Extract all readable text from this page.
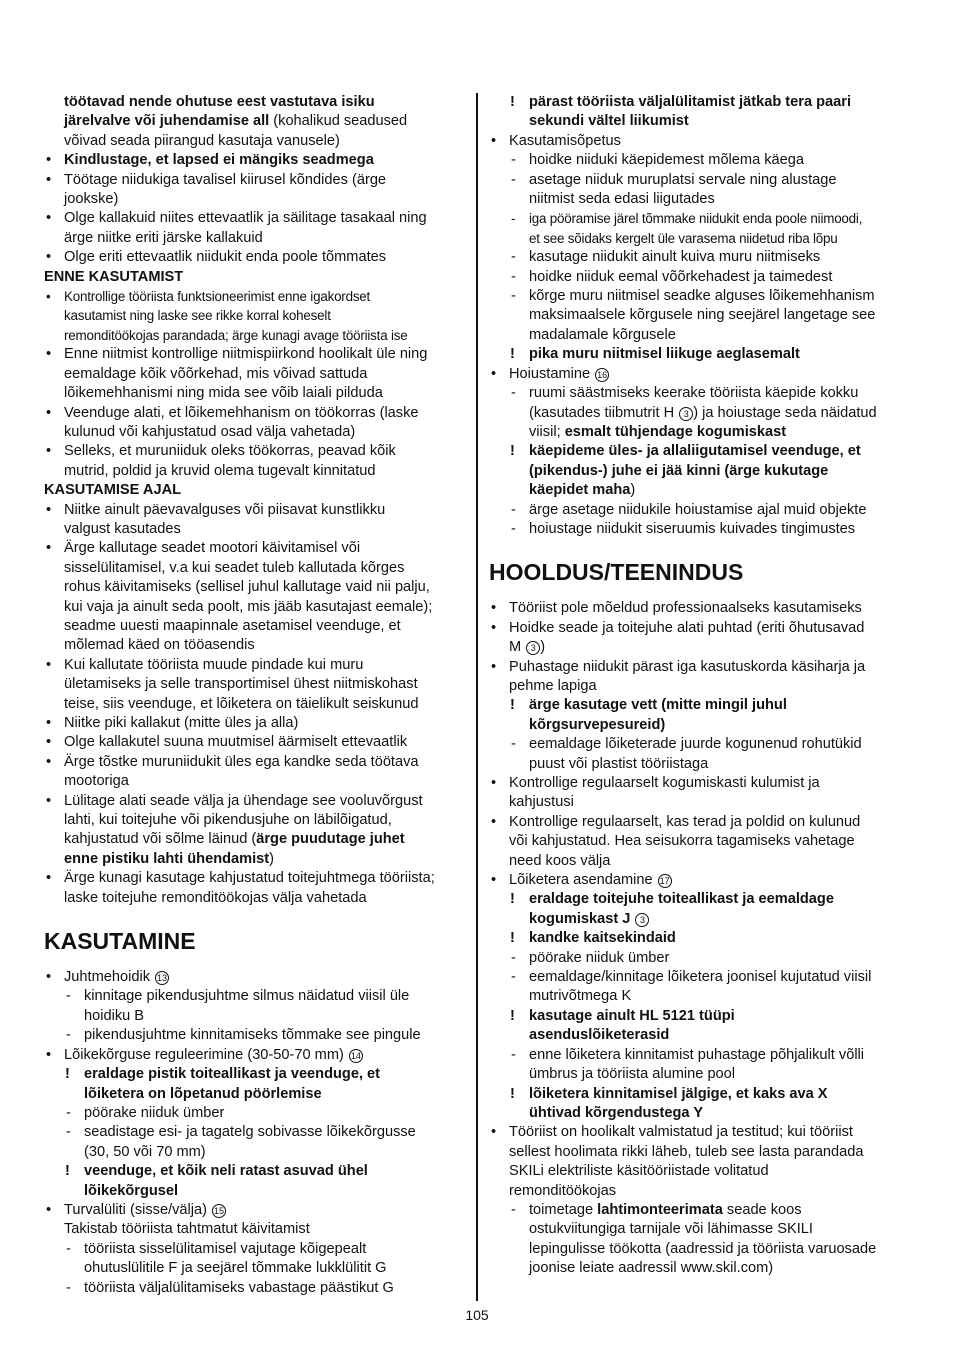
töötavad nende ohutuse eest vastutava isiku
järelvalve või juhendamise all (kohalikud seadused
võivad seada piirangud kasutaja vanusele)
• Kindlustage, et lapsed ei mängiks seadmega
• Töötage niidukiga tavalisel kiirusel kõndides (ärge
jookske)
• Olge kallakuid niites ettevaatlik ja säilitage tasakaal ning
ärge niitke eriti järske kallakuid
• Olge eriti ettevaatlik niidukit enda poole tõmmates
ENNE KASUTAMIST
• Kontrollige tööriista funktsioneerimist enne igakordset
kasutamist ning laske see rikke korral koheselt
remonditöökojas parandada; ärge kunagi avage tööriista ise
• Enne niitmist kontrollige niitmispiirkond hoolikalt üle ning
eemaldage kõik võõrkehad, mis võivad sattuda
lõikemehhanismi ning mida see võib laiali pilduda
• Veenduge alati, et lõikemehhanism on töökorras (laske
kulunud või kahjustatud osad välja vahetada)
• Selleks, et muruniiduk oleks töökorras, peavad kõik
mutrid, poldid ja kruvid olema tugevalt kinnitatud
KASUTAMISE AJAL
• Niitke ainult päevavalguses või piisavat kunstlikku
valgust kasutades
• Ärge kallutage seadet mootori käivitamisel või
sisselülitamisel, v.a kui seadet tuleb kallutada kõrges
rohus käivitamiseks (sellisel juhul kallutage vaid nii palju,
kui vaja ja ainult seda poolt, mis jääb kasutajast eemale);
seadme uuesti maapinnale asetamisel veenduge, et
mõlemad käed on tööasendis
• Kui kallutate tööriista muude pindade kui muru
ületamiseks ja selle transportimisel ühest niitmiskohast
teise, siis veenduge, et lõiketera on täielikult seiskunud
• Niitke piki kallakut (mitte üles ja alla)
• Olge kallakutel suuna muutmisel äärmiselt ettevaatlik
• Ärge tõstke muruniidukit üles ega kandke seda töötava
mootoriga
• Lülitage alati seade välja ja ühendage see vooluvõrgust
lahti, kui toitejuhe või pikendusjuhe on läbilõigatud,
kahjustatud või sõlme läinud (ärge puudutage juhet
enne pistiku lahti ühendamist)
• Ärge kunagi kasutage kahjustatud toitejuhtmega tööriista;
laske toitejuhe remonditöökojas välja vahetada
KASUTAMINE
• Juhtmehoidik 13
- kinnitage pikendusjuhtme silmus näidatud viisil üle
hoidiku B
- pikendusjuhtme kinnitamiseks tõmmake see pingule
• Lõikekõrguse reguleerimine (30-50-70 mm) 14
! eraldage pistik toiteallikast ja veenduge, et
lõiketera on lõpetanud pöörlemise
- pöörake niiduk ümber
- seadistage esi- ja tagatelg sobivasse lõikekõrgusse
(30, 50 või 70 mm)
! veenduge, et kõik neli ratast asuvad ühel
lõikekõrgusel
• Turvalüliti (sisse/välja) 15
Takistab tööriista tahtmatut käivitamist
- tööriista sisselülitamisel vajutage kõigepealt
ohutuslülitile F ja seejärel tõmmake lukklülitit G
- tööriista väljalülitamiseks vabastage päästikut G
! pärast tööriista väljalülitamist jätkab tera paari
sekundi vältel liikumist
• Kasutamisõpetus
- hoidke niiduki käepidemest mõlema käega
- asetage niiduk muruplatsi servale ning alustage
niitmist seda edasi liigutades
- iga pööramise järel tõmmake niidukit enda poole niimoodi,
et see sõidaks kergelt üle varasema niidetud riba lõpu
- kasutage niidukit ainult kuiva muru niitmiseks
- hoidke niiduk eemal võõrkehadest ja taimedest
- kõrge muru niitmisel seadke alguses lõikemehhanism
maksimaalsele kõrgusele ning seejärel langetage see
madalamale kõrgusele
! pika muru niitmisel liikuge aeglasemalt
• Hoiustamine 16
- ruumi säästmiseks keerake tööriista käepide kokku
(kasutades tiibmutrit H 3 ) ja hoiustage seda näidatud
viisil; esmalt tühjendage kogumiskast
! käepideme üles- ja allaliigutamisel veenduge, et
(pikendus-) juhe ei jää kinni (ärge kukutage
käepidet maha)
- ärge asetage niidukile hoiustamise ajal muid objekte
- hoiustage niidukit siseruumis kuivades tingimustes
HOOLDUS/TEENINDUS
• Tööriist pole mõeldud professionaalseks kasutamiseks
• Hoidke seade ja toitejuhe alati puhtad (eriti õhutusavad
M 3 )
• Puhastage niidukit pärast iga kasutuskorda käsiharja ja
pehme lapiga
! ärge kasutage vett (mitte mingil juhul
kõrgsurvepesureid)
- eemaldage lõiketerade juurde kogunenud rohutükid
puust või plastist tööriistaga
• Kontrollige regulaarselt kogumiskasti kulumist ja
kahjustusi
• Kontrollige regulaarselt, kas terad ja poldid on kulunud
või kahjustatud. Hea seisukorra tagamiseks vahetage
need koos välja
• Lõiketera asendamine 17
! eraldage toitejuhe toiteallikast ja eemaldage
kogumiskast J 3
! kandke kaitsekindaid
- pöörake niiduk ümber
- eemaldage/kinnitage lõiketera joonisel kujutatud viisil
mutrivõtmega K
! kasutage ainult HL 5121 tüüpi
asenduslõiketerasid
- enne lõiketera kinnitamist puhastage põhjalikult võlli
ümbrus ja tööriista alumine pool
! lõiketera kinnitamisel jälgige, et kaks ava X
ühtivad kõrgendustega Y
• Tööriist on hoolikalt valmistatud ja testitud; kui tööriist
sellest hoolimata rikki läheb, tuleb see lasta parandada
SKILi elektriliste käsitööriistade volitatud
remonditöökojas
- toimetage lahtimonteerimata seade koos
ostukviitungiga tarnijale või lähimasse SKILI
lepingulisse töökotta (aadressid ja tööriista varuosade
joonise leiate aadressil www.skil.com)
105
